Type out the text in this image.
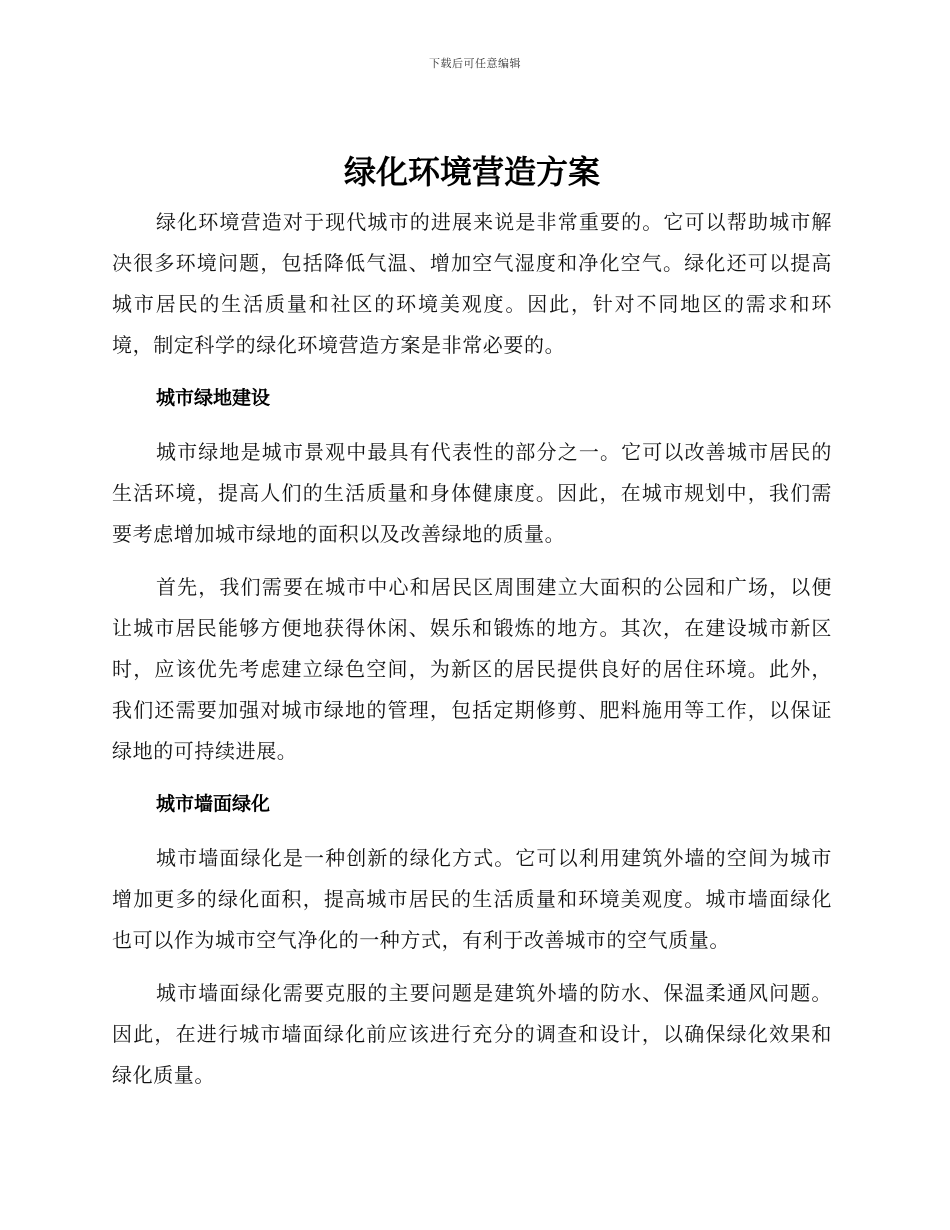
下载后可任意编辑
绿化环境营造方案

绿化环境营造对于现代城市的进展来说是非常重要的。它可以帮助城市解决很多环境问题，包括降低气温、增加空气湿度和净化空气。绿化还可以提高城市居民的生活质量和社区的环境美观度。因此，针对不同地区的需求和环境，制定科学的绿化环境营造方案是非常必要的。

城市绿地建设

城市绿地是城市景观中最具有代表性的部分之一。它可以改善城市居民的生活环境，提高人们的生活质量和身体健康度。因此，在城市规划中，我们需要考虑增加城市绿地的面积以及改善绿地的质量。

首先，我们需要在城市中心和居民区周围建立大面积的公园和广场，以便让城市居民能够方便地获得休闲、娱乐和锻炼的地方。其次，在建设城市新区时，应该优先考虑建立绿色空间，为新区的居民提供良好的居住环境。此外，我们还需要加强对城市绿地的管理，包括定期修剪、肥料施用等工作，以保证绿地的可持续进展。

城市墙面绿化

城市墙面绿化是一种创新的绿化方式。它可以利用建筑外墙的空间为城市增加更多的绿化面积，提高城市居民的生活质量和环境美观度。城市墙面绿化也可以作为城市空气净化的一种方式，有利于改善城市的空气质量。

城市墙面绿化需要克服的主要问题是建筑外墙的防水、保温柔通风问题。因此，在进行城市墙面绿化前应该进行充分的调查和设计，以确保绿化效果和绿化质量。
